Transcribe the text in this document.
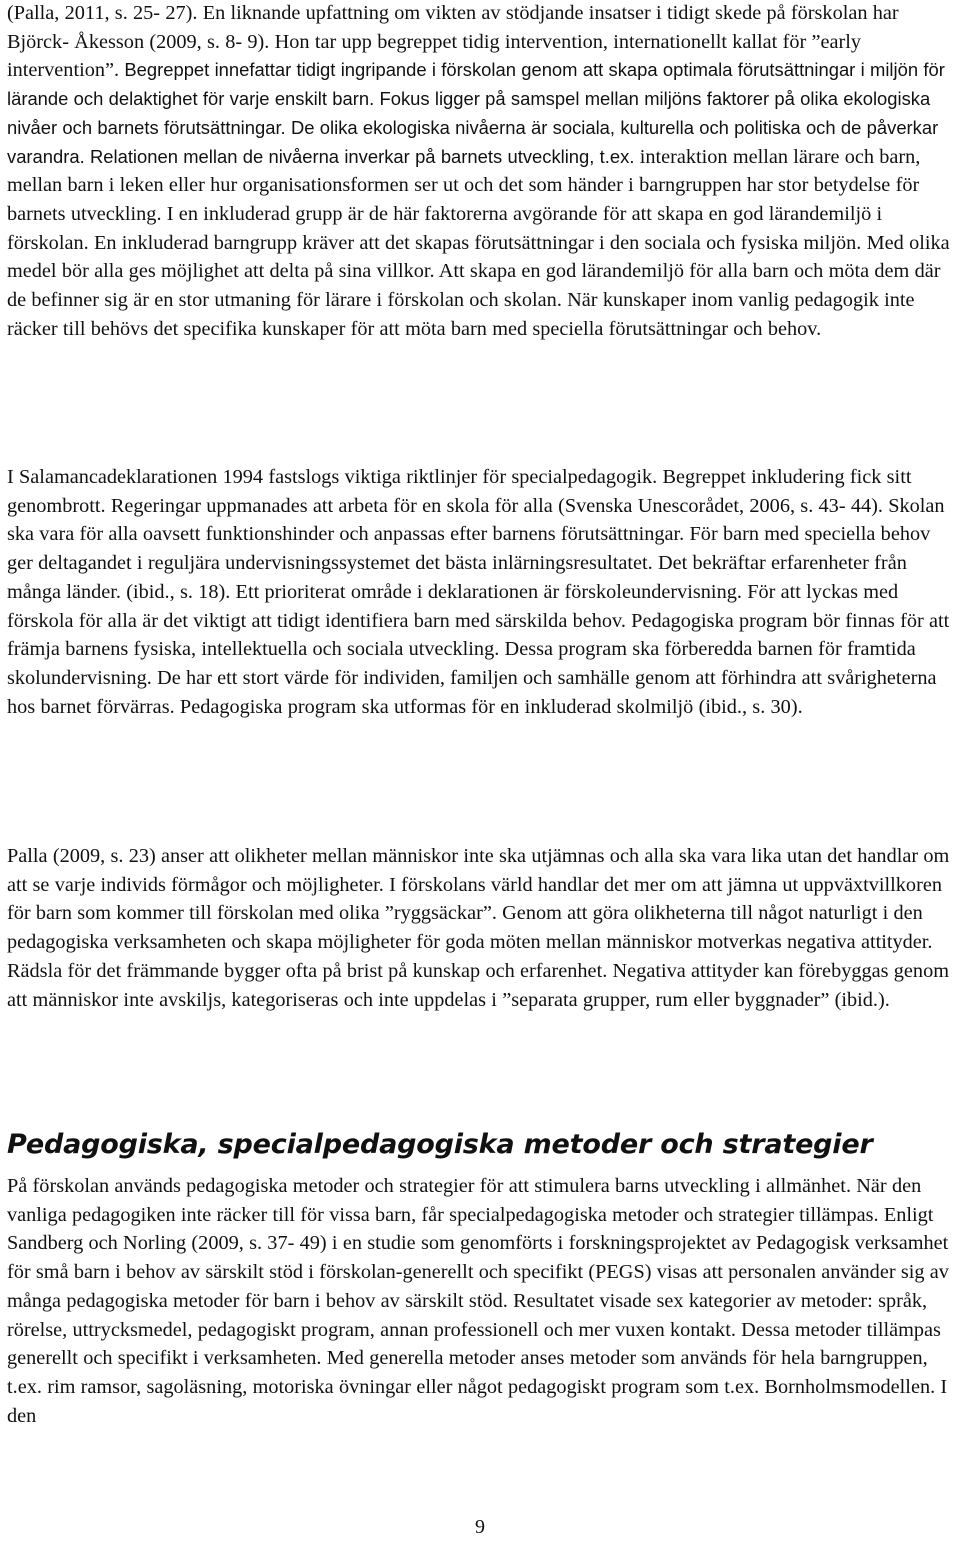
(Palla, 2011, s. 25- 27). En liknande upfattning om vikten av stödjande insatser i tidigt skede på förskolan har Björck- Åkesson (2009, s. 8- 9). Hon tar upp begreppet tidig intervention, internationellt kallat för ”early intervention”. Begreppet innefattar tidigt ingripande i förskolan genom att skapa optimala förutsättningar i miljön för lärande och delaktighet för varje enskilt barn. Fokus ligger på samspel mellan miljöns faktorer på olika ekologiska nivåer och barnets förutsättningar. De olika ekologiska nivåerna är sociala, kulturella och politiska och de påverkar varandra. Relationen mellan de nivåerna inverkar på barnets utveckling, t.ex. interaktion mellan lärare och barn, mellan barn i leken eller hur organisationsformen ser ut och det som händer i barngruppen har stor betydelse för barnets utveckling. I en inkluderad grupp är de här faktorerna avgörande för att skapa en god lärandemiljö i förskolan. En inkluderad barngrupp kräver att det skapas förutsättningar i den sociala och fysiska miljön. Med olika medel bör alla ges möjlighet att delta på sina villkor. Att skapa en god lärandemiljö för alla barn och möta dem där de befinner sig är en stor utmaning för lärare i förskolan och skolan. När kunskaper inom vanlig pedagogik inte räcker till behövs det specifika kunskaper för att möta barn med speciella förutsättningar och behov.

I Salamancadeklarationen 1994 fastslogs viktiga riktlinjer för specialpedagogik. Begreppet inkludering fick sitt genombrott. Regeringar uppmanades att arbeta för en skola för alla (Svenska Unescorådet, 2006, s. 43- 44). Skolan ska vara för alla oavsett funktionshinder och anpassas efter barnens förutsättningar. För barn med speciella behov ger deltagandet i reguljära undervisningssystemet det bästa inlärningsresultatet. Det bekräftar erfarenheter från många länder. (ibid., s. 18). Ett prioriterat område i deklarationen är förskoleundervisning. För att lyckas med förskola för alla är det viktigt att tidigt identifiera barn med särskilda behov. Pedagogiska program bör finnas för att främja barnens fysiska, intellektuella och sociala utveckling. Dessa program ska förberedda barnen för framtida skolundervisning. De har ett stort värde för individen, familjen och samhälle genom att förhindra att svårigheterna hos barnet förvärras. Pedagogiska program ska utformas för en inkluderad skolmiljö (ibid., s. 30).

Palla (2009, s. 23) anser att olikheter mellan människor inte ska utjämnas och alla ska vara lika utan det handlar om att se varje individs förmågor och möjligheter. I förskolans värld handlar det mer om att jämna ut uppväxtvillkoren för barn som kommer till förskolan med olika ”ryggsäckar”. Genom att göra olikheterna till något naturligt i den pedagogiska verksamheten och skapa möjligheter för goda möten mellan människor motverkas negativa attityder. Rädsla för det främmande bygger ofta på brist på kunskap och erfarenhet. Negativa attityder kan förebyggas genom att människor inte avskiljs, kategoriseras och inte uppdelas i ”separata grupper, rum eller byggnader” (ibid.).

Pedagogiska, specialpedagogiska metoder och strategier

På förskolan används pedagogiska metoder och strategier för att stimulera barns utveckling i allmänhet. När den vanliga pedagogiken inte räcker till för vissa barn, får specialpedagogiska metoder och strategier tillämpas. Enligt Sandberg och Norling (2009, s. 37- 49) i en studie som genomförts i forskningsprojektet av Pedagogisk verksamhet för små barn i behov av särskilt stöd i förskolan-generellt och specifikt (PEGS) visas att personalen använder sig av många pedagogiska metoder för barn i behov av särskilt stöd. Resultatet visade sex kategorier av metoder: språk, rörelse, uttrycksmedel, pedagogiskt program, annan professionell och mer vuxen kontakt. Dessa metoder tillämpas generellt och specifikt i verksamheten. Med generella metoder anses metoder som används för hela barngruppen, t.ex. rim ramsor, sagoläsning, motoriska övningar eller något pedagogiskt program som t.ex. Bornholmsmodellen. I den

9
